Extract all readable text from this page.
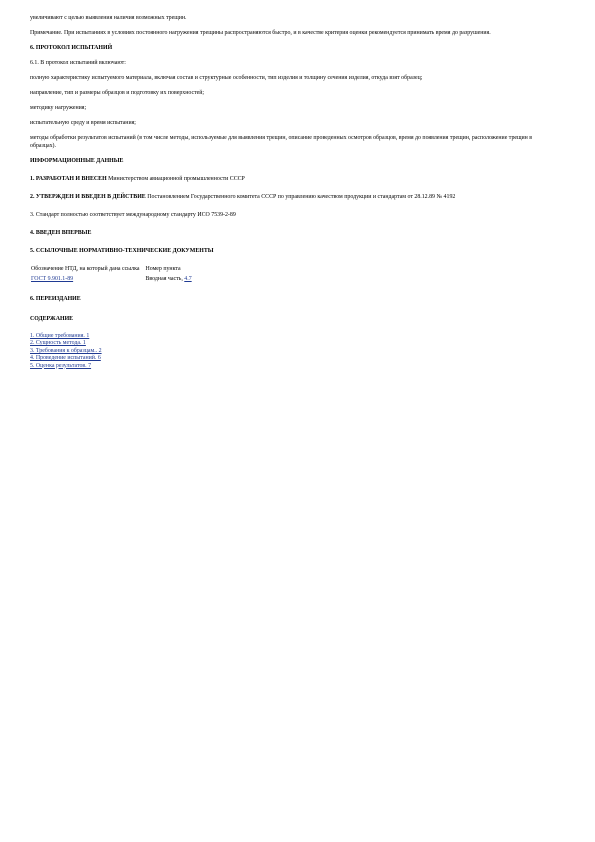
увеличивают с целью выявления наличия возможных трещин.

Примечание. При испытаниях в условиях постоянного нагружения трещины распространяются быстро, и в качестве критерия оценки рекомендуется принимать время до разрушения.

6. ПРОТОКОЛ ИСПЫТАНИЙ

6.1. В протокол испытаний включают:

полную характеристику испытуемого материала, включая состав и структурные особенности, тип изделия и толщину сечения изделия, откуда взят образец;

направление, тип и размеры образцов и подготовку их поверхностей;

методику нагружения;

испытательную среду и время испытания;

методы обработки результатов испытаний (в том числе методы, используемые для выявления трещин, описание проведенных осмотров образцов, время до появления трещин, расположение трещин в образцах).

ИНФОРМАЦИОННЫЕ ДАННЫЕ

1. РАЗРАБОТАН И ВНЕСЕН Министерством авиационной промышленности СССР

2. УТВЕРЖДЕН И ВВЕДЕН В ДЕЙСТВИЕ Постановлением Государственного комитета СССР по управлению качеством продукции и стандартам от 28.12.89 № 4192

3. Стандарт полностью соответствует международному стандарту ИСО 7539-2-89

4. ВВЕДЕН ВПЕРВЫЕ

5. ССЫЛОЧНЫЕ НОРМАТИВНО-ТЕХНИЧЕСКИЕ ДОКУМЕНТЫ

Обозначение НТД, на который дана ссылка	Номер пункта
ГОСТ 9.901.1-89	Вводная часть, 4.7

6. ПЕРЕИЗДАНИЕ

СОДЕРЖАНИЕ

1. Общие требования. 1
2. Сущность метода. 1
3. Требования к образцам.. 2
4. Проведение испытаний. 6
5. Оценка результатов. 7
